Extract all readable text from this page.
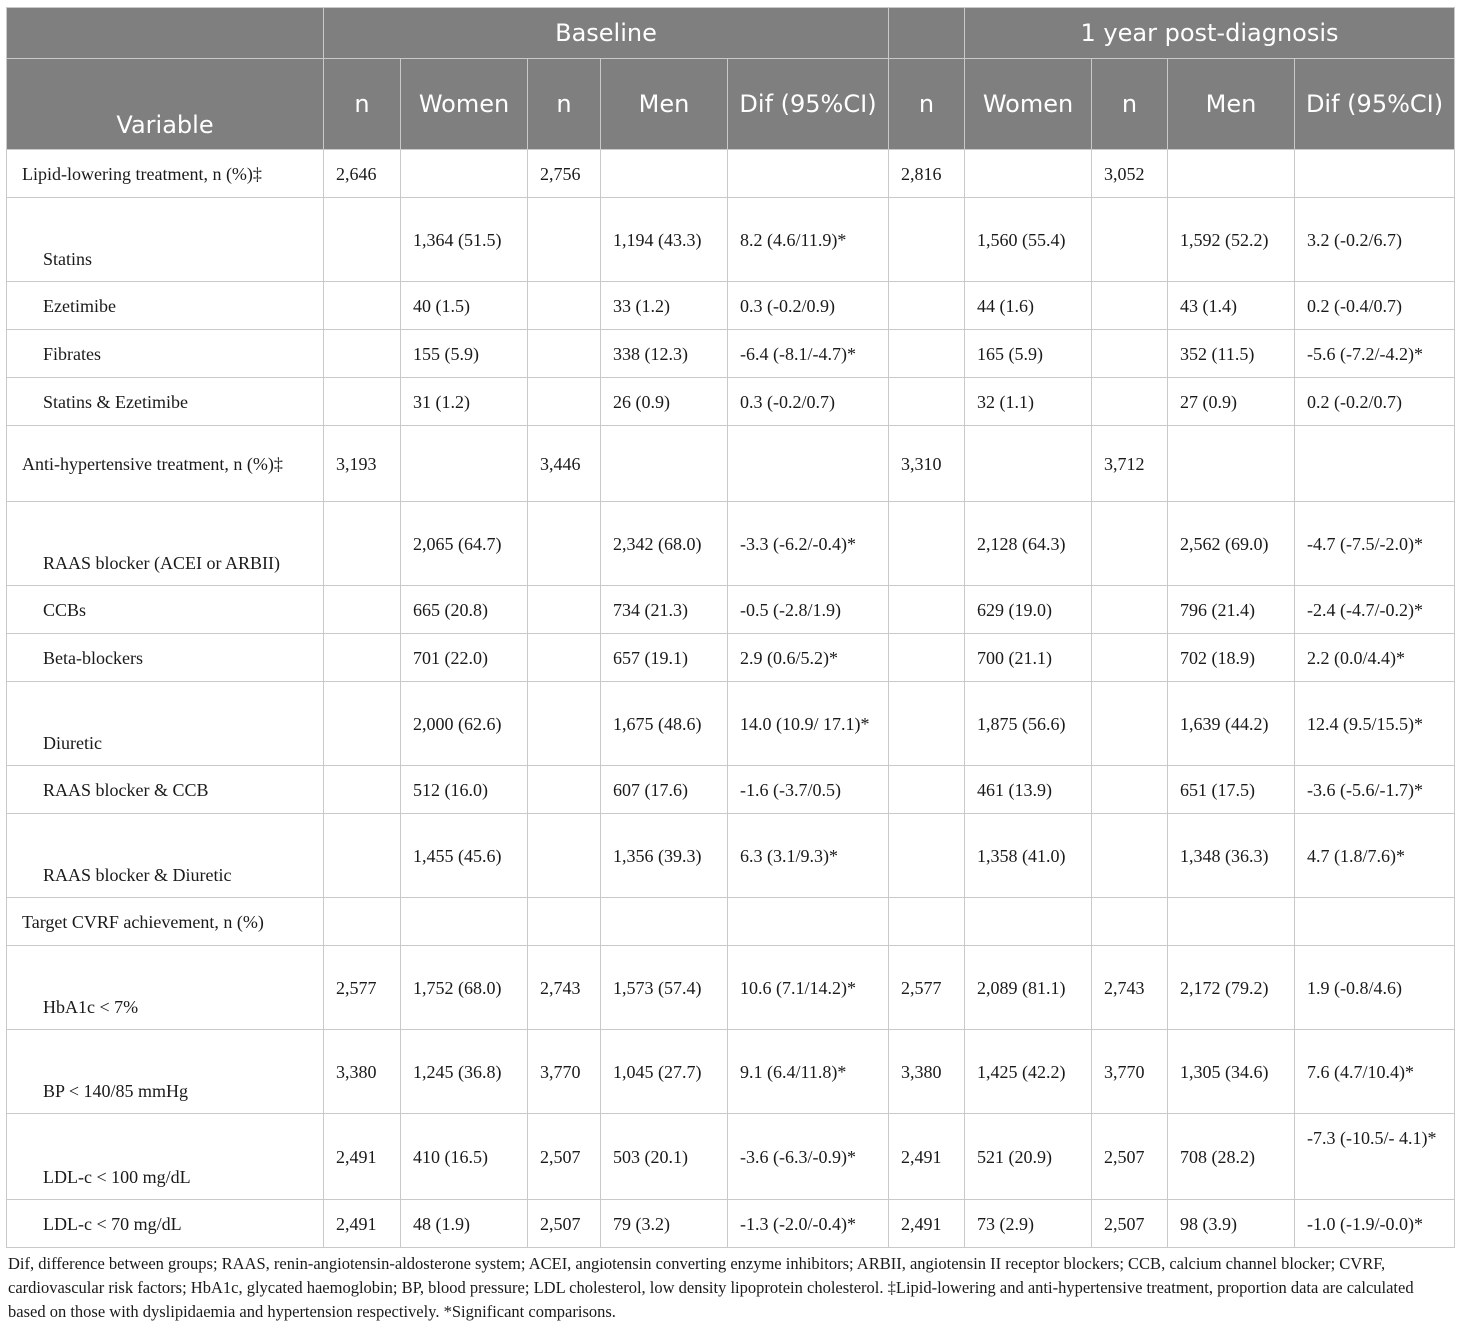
	Baseline						1 year post-diagnosis			
Variable	n	Women	n	Men	Dif (95%CI)	n	Women	n	Men	Dif (95%CI)
Lipid-lowering treatment, n (%)‡	2,646		2,756			2,816		3,052		
Statins		1,364 (51.5)		1,194 (43.3)	8.2 (4.6/11.9)*		1,560 (55.4)		1,592 (52.2)	3.2 (-0.2/6.7)
Ezetimibe		40 (1.5)		33 (1.2)	0.3 (-0.2/0.9)		44 (1.6)		43 (1.4)	0.2 (-0.4/0.7)
Fibrates		155 (5.9)		338 (12.3)	-6.4 (-8.1/-4.7)*		165 (5.9)		352 (11.5)	-5.6 (-7.2/-4.2)*
Statins & Ezetimibe		31 (1.2)		26 (0.9)	0.3 (-0.2/0.7)		32 (1.1)		27 (0.9)	0.2 (-0.2/0.7)
Anti-hypertensive treatment, n (%)‡	3,193		3,446			3,310		3,712		
RAAS blocker (ACEI or ARBII)		2,065 (64.7)		2,342 (68.0)	-3.3 (-6.2/-0.4)*		2,128 (64.3)		2,562 (69.0)	-4.7 (-7.5/-2.0)*
CCBs		665 (20.8)		734 (21.3)	-0.5 (-2.8/1.9)		629 (19.0)		796 (21.4)	-2.4 (-4.7/-0.2)*
Beta-blockers		701 (22.0)		657 (19.1)	2.9 (0.6/5.2)*		700 (21.1)		702 (18.9)	2.2 (0.0/4.4)*
Diuretic		2,000 (62.6)		1,675 (48.6)	14.0 (10.9/ 17.1)*		1,875 (56.6)		1,639 (44.2)	12.4 (9.5/15.5)*
RAAS blocker & CCB		512 (16.0)		607 (17.6)	-1.6 (-3.7/0.5)		461 (13.9)		651 (17.5)	-3.6 (-5.6/-1.7)*
RAAS blocker & Diuretic		1,455 (45.6)		1,356 (39.3)	6.3 (3.1/9.3)*		1,358 (41.0)		1,348 (36.3)	4.7 (1.8/7.6)*
Target CVRF achievement, n (%)										
HbA1c < 7%	2,577	1,752 (68.0)	2,743	1,573 (57.4)	10.6 (7.1/14.2)*	2,577	2,089 (81.1)	2,743	2,172 (79.2)	1.9 (-0.8/4.6)
BP < 140/85 mmHg	3,380	1,245 (36.8)	3,770	1,045 (27.7)	9.1 (6.4/11.8)*	3,380	1,425 (42.2)	3,770	1,305 (34.6)	7.6 (4.7/10.4)*
LDL-c < 100 mg/dL	2,491	410 (16.5)	2,507	503 (20.1)	-3.6 (-6.3/-0.9)*	2,491	521 (20.9)	2,507	708 (28.2)	-7.3 (-10.5/- 4.1)*
LDL-c < 70 mg/dL	2,491	48 (1.9)	2,507	79 (3.2)	-1.3 (-2.0/-0.4)*	2,491	73 (2.9)	2,507	98 (3.9)	-1.0 (-1.9/-0.0)*
Dif, difference between groups; RAAS, renin-angiotensin-aldosterone system; ACEI, angiotensin converting enzyme inhibitors; ARBII, angiotensin II receptor blockers; CCB, calcium channel blocker; CVRF, cardiovascular risk factors; HbA1c, glycated haemoglobin; BP, blood pressure; LDL cholesterol, low density lipoprotein cholesterol. ‡Lipid-lowering and anti-hypertensive treatment, proportion data are calculated based on those with dyslipidaemia and hypertension respectively. *Significant comparisons.
